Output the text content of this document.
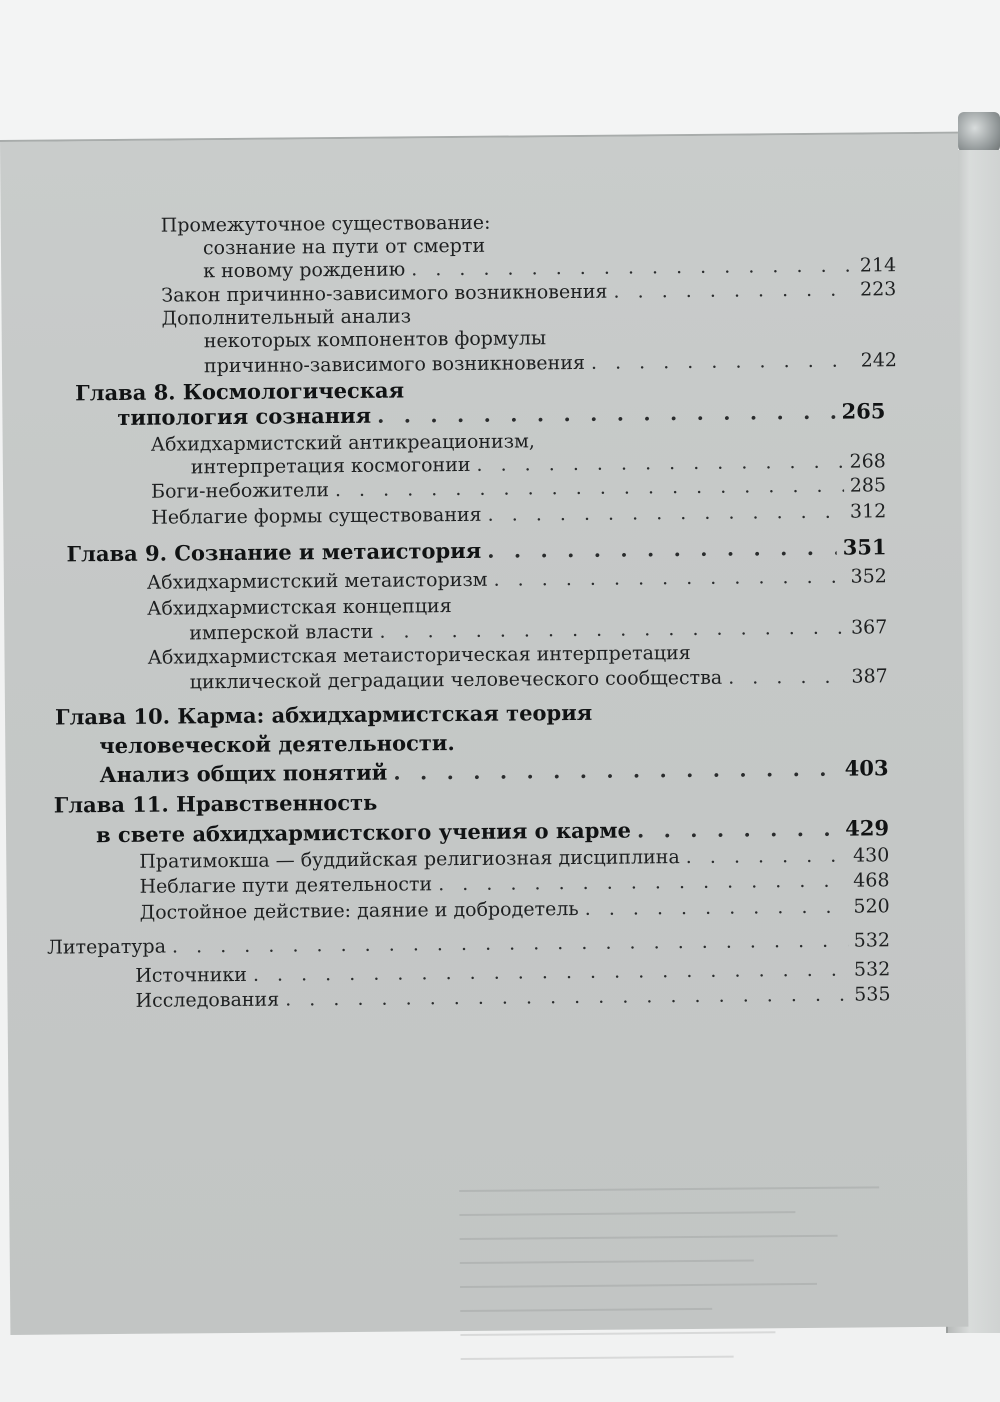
Промежуточное существование:
сознание на пути от смерти
к новому рождению . . .	214
Закон причинно-зависимого возникновения . . .	223
Дополнительный анализ
некоторых компонентов формулы
причинно-зависимого возникновения . . .	242
Глава 8. Космологическая
типология сознания . . .	265
Абхидхармистский антикреационизм,
интерпретация космогонии . . .	268
Боги-небожители . . .	285
Неблагие формы существования . . .	312
Глава 9. Сознание и метаистория . . .	351
Абхидхармистский метаисторизм . . .	352
Абхидхармистская концепция
имперской власти . . .	367
Абхидхармистская метаисторическая интерпретация
циклической деградации человеческого сообщества . . .	387
Глава 10. Карма: абхидхармистская теория
человеческой деятельности.
Анализ общих понятий . . .	403
Глава 11. Нравственность
в свете абхидхармистского учения о карме . . .	429
Пратимокша — буддийская религиозная дисциплина . . .	430
Неблагие пути деятельности . . .	468
Достойное действие: даяние и добродетель . . .	520
Литература . . .	532
Источники . . .	532
Исследования . . .	535
